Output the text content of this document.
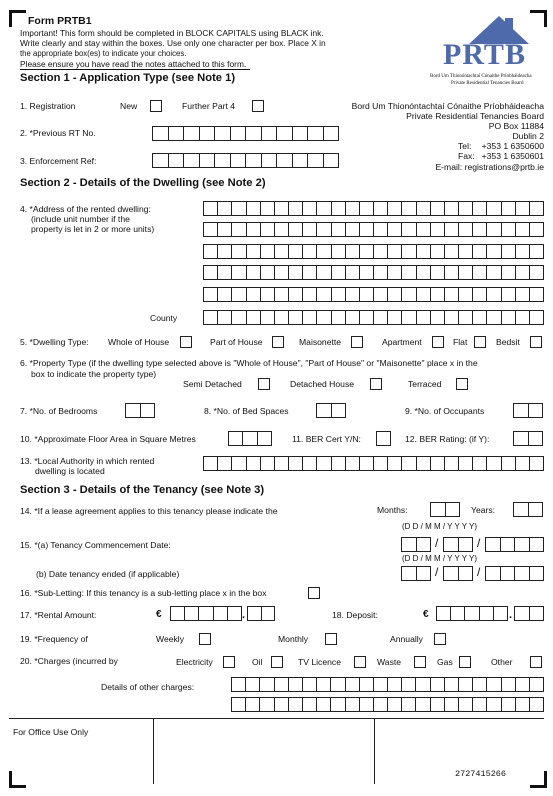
Form PRTB1
Important! This form should be completed in BLOCK CAPITALS using BLACK ink.
Write clearly and stay within the boxes. Use only one character per box. Place X in
the appropriate box(es) to indicate your choices.
Please ensure you have read the notes attached to this form.	PRTB
Bord Um Thionóntachtaí Cónaithe Príobháideacha
Private Residential Tenancies Board
Section 1 - Application Type (see Note 1)
1. Registration	New	Further Part 4	Bord Um Thionóntachtaí Cónaithe Príobháideacha
Private Residential Tenancies Board
PO Box 11884
Dublin 2
Tel: +353 1 6350600
Fax: +353 1 6350601
E-mail: registrations@prtb.ie
2. *Previous RT No.
3. Enforcement Ref:
Section 2 - Details of the Dwelling (see Note 2)
4. *Address of the rented dwelling:
(include unit number if the
property is let in 2 or more units)
County
5. *Dwelling Type: Whole of House	Part of House	Maisonette	Apartment	Flat	Bedsit
6. *Property Type (if the dwelling type selected above is "Whole of House", "Part of House" or "Maisonette" place x in the
box to indicate the property type)
Semi Detached	Detached House	Terraced
7. *No. of Bedrooms	8. *No. of Bed Spaces	9. *No. of Occupants
10. *Approximate Floor Area in Square Metres	11. BER Cert Y/N:	12. BER Rating: (if Y):
13. *Local Authority in which rented
dwelling is located
Section 3 - Details of the Tenancy (see Note 3)
14. *If a lease agreement applies to this tenancy please indicate the	Months:	Years:
(D D / M M / Y Y Y Y)
15. *(a) Tenancy Commencement Date:	/	/
(D D / M M / Y Y Y Y)
(b) Date tenancy ended (if applicable)	/	/
16. *Sub-Letting: If this tenancy is a sub-letting place x in the box
17. *Rental Amount:	€	.	18. Deposit:	€	.
19. *Frequency of	Weekly	Monthly	Annually
20. *Charges (incurred by	Electricity	Oil	TV Licence	Waste	Gas	Other
Details of other charges:
For Office Use Only
2727415266
